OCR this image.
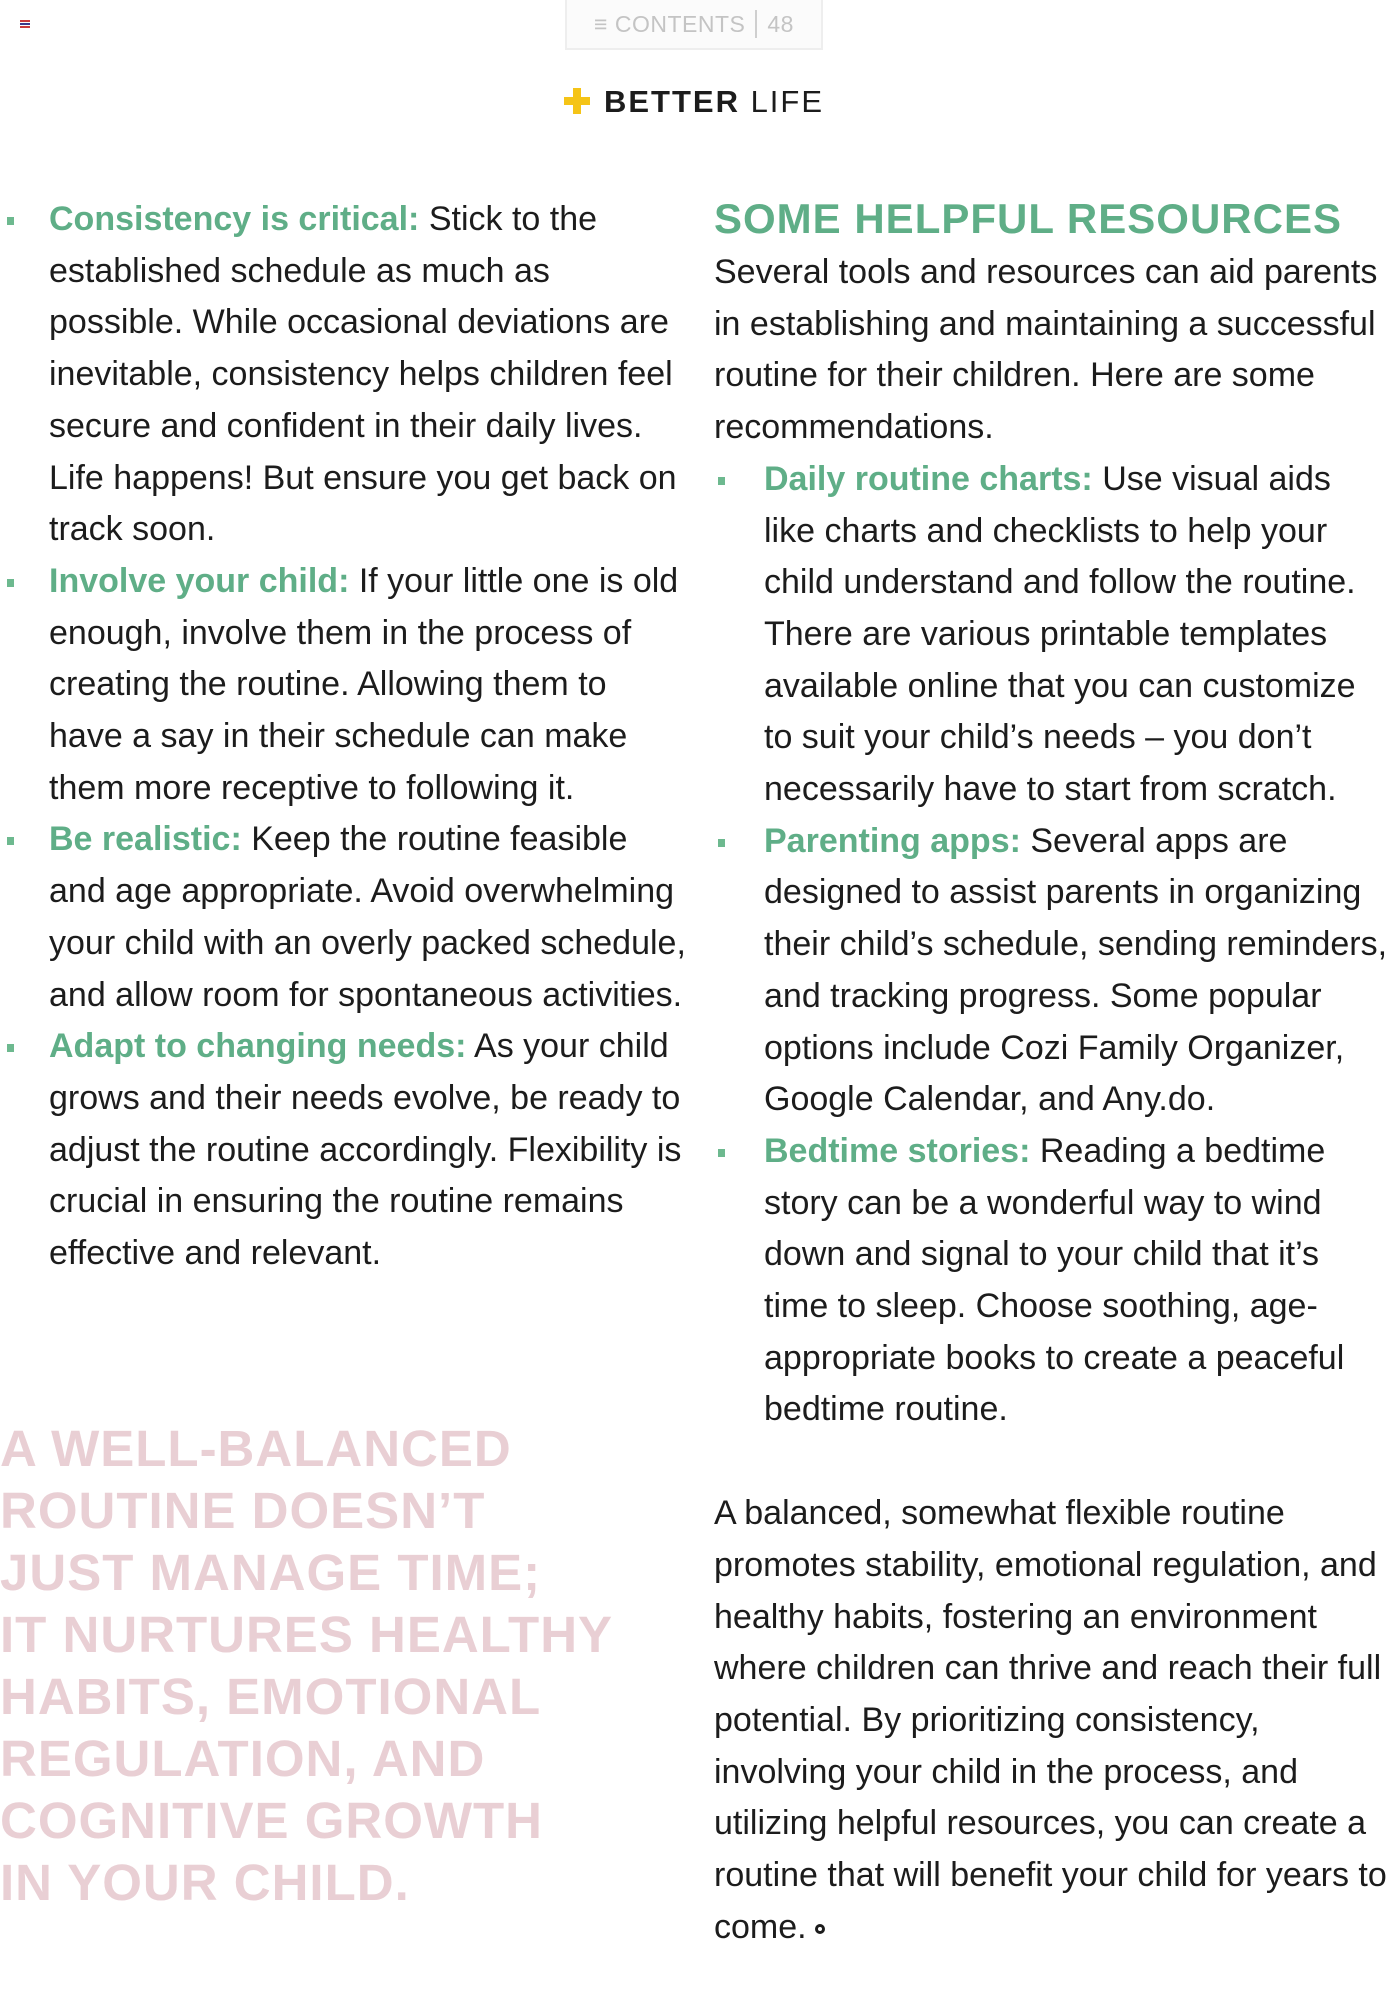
≡ CONTENTS 48
BETTER LIFE
Consistency is critical: Stick to the established schedule as much as possible. While occasional deviations are inevitable, consistency helps children feel secure and confident in their daily lives. Life happens! But ensure you get back on track soon.
Involve your child: If your little one is old enough, involve them in the process of creating the routine. Allowing them to have a say in their schedule can make them more receptive to following it.
Be realistic: Keep the routine feasible and age appropriate. Avoid overwhelming your child with an overly packed schedule, and allow room for spontaneous activities.
Adapt to changing needs: As your child grows and their needs evolve, be ready to adjust the routine accordingly. Flexibility is crucial in ensuring the routine remains effective and relevant.
A WELL-BALANCED
ROUTINE DOESN’T
JUST MANAGE TIME;
IT NURTURES HEALTHY
HABITS, EMOTIONAL
REGULATION, AND
COGNITIVE GROWTH
IN YOUR CHILD.

SOME HELPFUL RESOURCES

Several tools and resources can aid parents in establishing and maintaining a successful routine for their children. Here are some recommendations.

Daily routine charts: Use visual aids like charts and checklists to help your child understand and follow the routine. There are various printable templates available online that you can customize to suit your child’s needs – you don’t necessarily have to start from scratch.
Parenting apps: Several apps are designed to assist parents in organizing their child’s schedule, sending reminders, and tracking progress. Some popular options include Cozi Family Organizer, Google Calendar, and Any.do.
Bedtime stories: Reading a bedtime story can be a wonderful way to wind down and signal to your child that it’s time to sleep. Choose soothing, age-appropriate books to create a peaceful bedtime routine.

A balanced, somewhat flexible routine promotes stability, emotional regulation, and healthy habits, fostering an environment where children can thrive and reach their full potential. By prioritizing consistency, involving your child in the process, and utilizing helpful resources, you can create a routine that will benefit your child for years to come.
